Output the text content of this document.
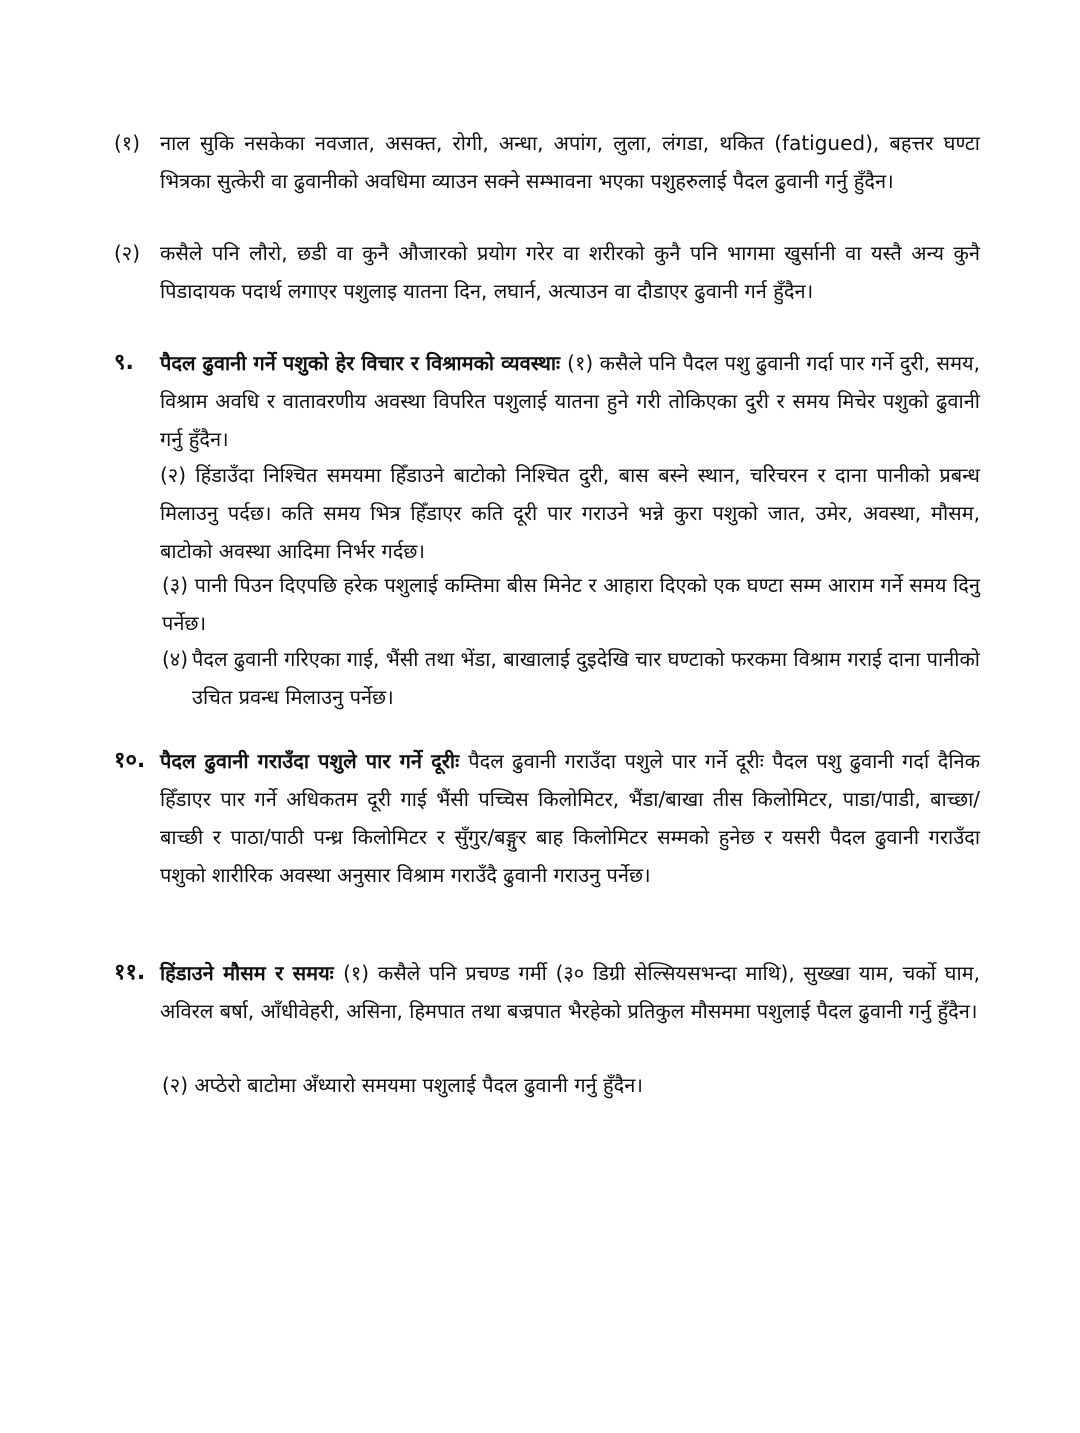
(१) नाल सुकि नसकेका नवजात, असक्त, रोगी, अन्धा, अपांग, लुला, लंगडा, थकित (fatigued), बहत्तर घण्टा भित्रका सुत्केरी वा ढुवानीको अवधिमा व्याउन सक्ने सम्भावना भएका पशुहरुलाई पैदल ढुवानी गर्नु हुँदैन।
(२) कसैले पनि लौरो, छडी वा कुनै औजारको प्रयोग गरेर वा शरीरको कुनै पनि भागमा खुर्सानी वा यस्तै अन्य कुनै पिडादायक पदार्थ लगाएर पशुलाइ यातना दिन, लघार्न, अत्याउन वा दौडाएर ढुवानी गर्न हुँदैन।
९. पैदल ढुवानी गर्ने पशुको हेर विचार र विश्रामको व्यवस्थाः (१) कसैले पनि पैदल पशु ढुवानी गर्दा पार गर्ने दुरी, समय, विश्राम अवधि र वातावरणीय अवस्था विपरित पशुलाई यातना हुने गरी तोकिएका दुरी र समय मिचेर पशुको ढुवानी गर्नु हुँदैन।
(२) हिंडाउँदा निश्चित समयमा हिँडाउने बाटोको निश्चित दुरी, बास बस्ने स्थान, चरिचरन र दाना पानीको प्रबन्ध मिलाउनु पर्दछ। कति समय भित्र हिँडाएर कति दूरी पार गराउने भन्ने कुरा पशुको जात, उमेर, अवस्था, मौसम, बाटोको अवस्था आदिमा निर्भर गर्दछ।
(३) पानी पिउन दिएपछि हरेक पशुलाई कम्तिमा बीस मिनेट र आहारा दिएको एक घण्टा सम्म आराम गर्ने समय दिनु पर्नेछ।
(४) पैदल ढुवानी गरिएका गाई, भैंसी तथा भेंडा, बाखालाई दुइदेखि चार घण्टाको फरकमा विश्राम गराई दाना पानीको उचित प्रवन्ध मिलाउनु पर्नेछ।
१०. पैदल ढुवानी गराउँदा पशुले पार गर्ने दूरीः पैदल ढुवानी गराउँदा पशुले पार गर्ने दूरीः पैदल पशु ढुवानी गर्दा दैनिक हिँडाएर पार गर्ने अधिकतम दूरी गाई भैंसी पच्चिस किलोमिटर, भैंडा/बाखा तीस किलोमिटर, पाडा/पाडी, बाच्छा/बाच्छी र पाठा/पाठी पन्ध्र किलोमिटर र सुँगुर/बङ्गुर बाह किलोमिटर सम्मको हुनेछ र यसरी पैदल ढुवानी गराउँदा पशुको शारीरिक अवस्था अनुसार विश्राम गराउँदै ढुवानी गराउनु पर्नेछ।
११. हिंडाउने मौसम र समयः (१) कसैले पनि प्रचण्ड गर्मी (३० डिग्री सेल्सियसभन्दा माथि), सुख्खा याम, चर्को घाम, अविरल बर्षा, आँधीवेहरी, असिना, हिमपात तथा बज्रपात भैरहेको प्रतिकुल मौसममा पशुलाई पैदल ढुवानी गर्नु हुँदैन।
(२) अप्ठेरो बाटोमा अँध्यारो समयमा पशुलाई पैदल ढुवानी गर्नु हुँदैन।
